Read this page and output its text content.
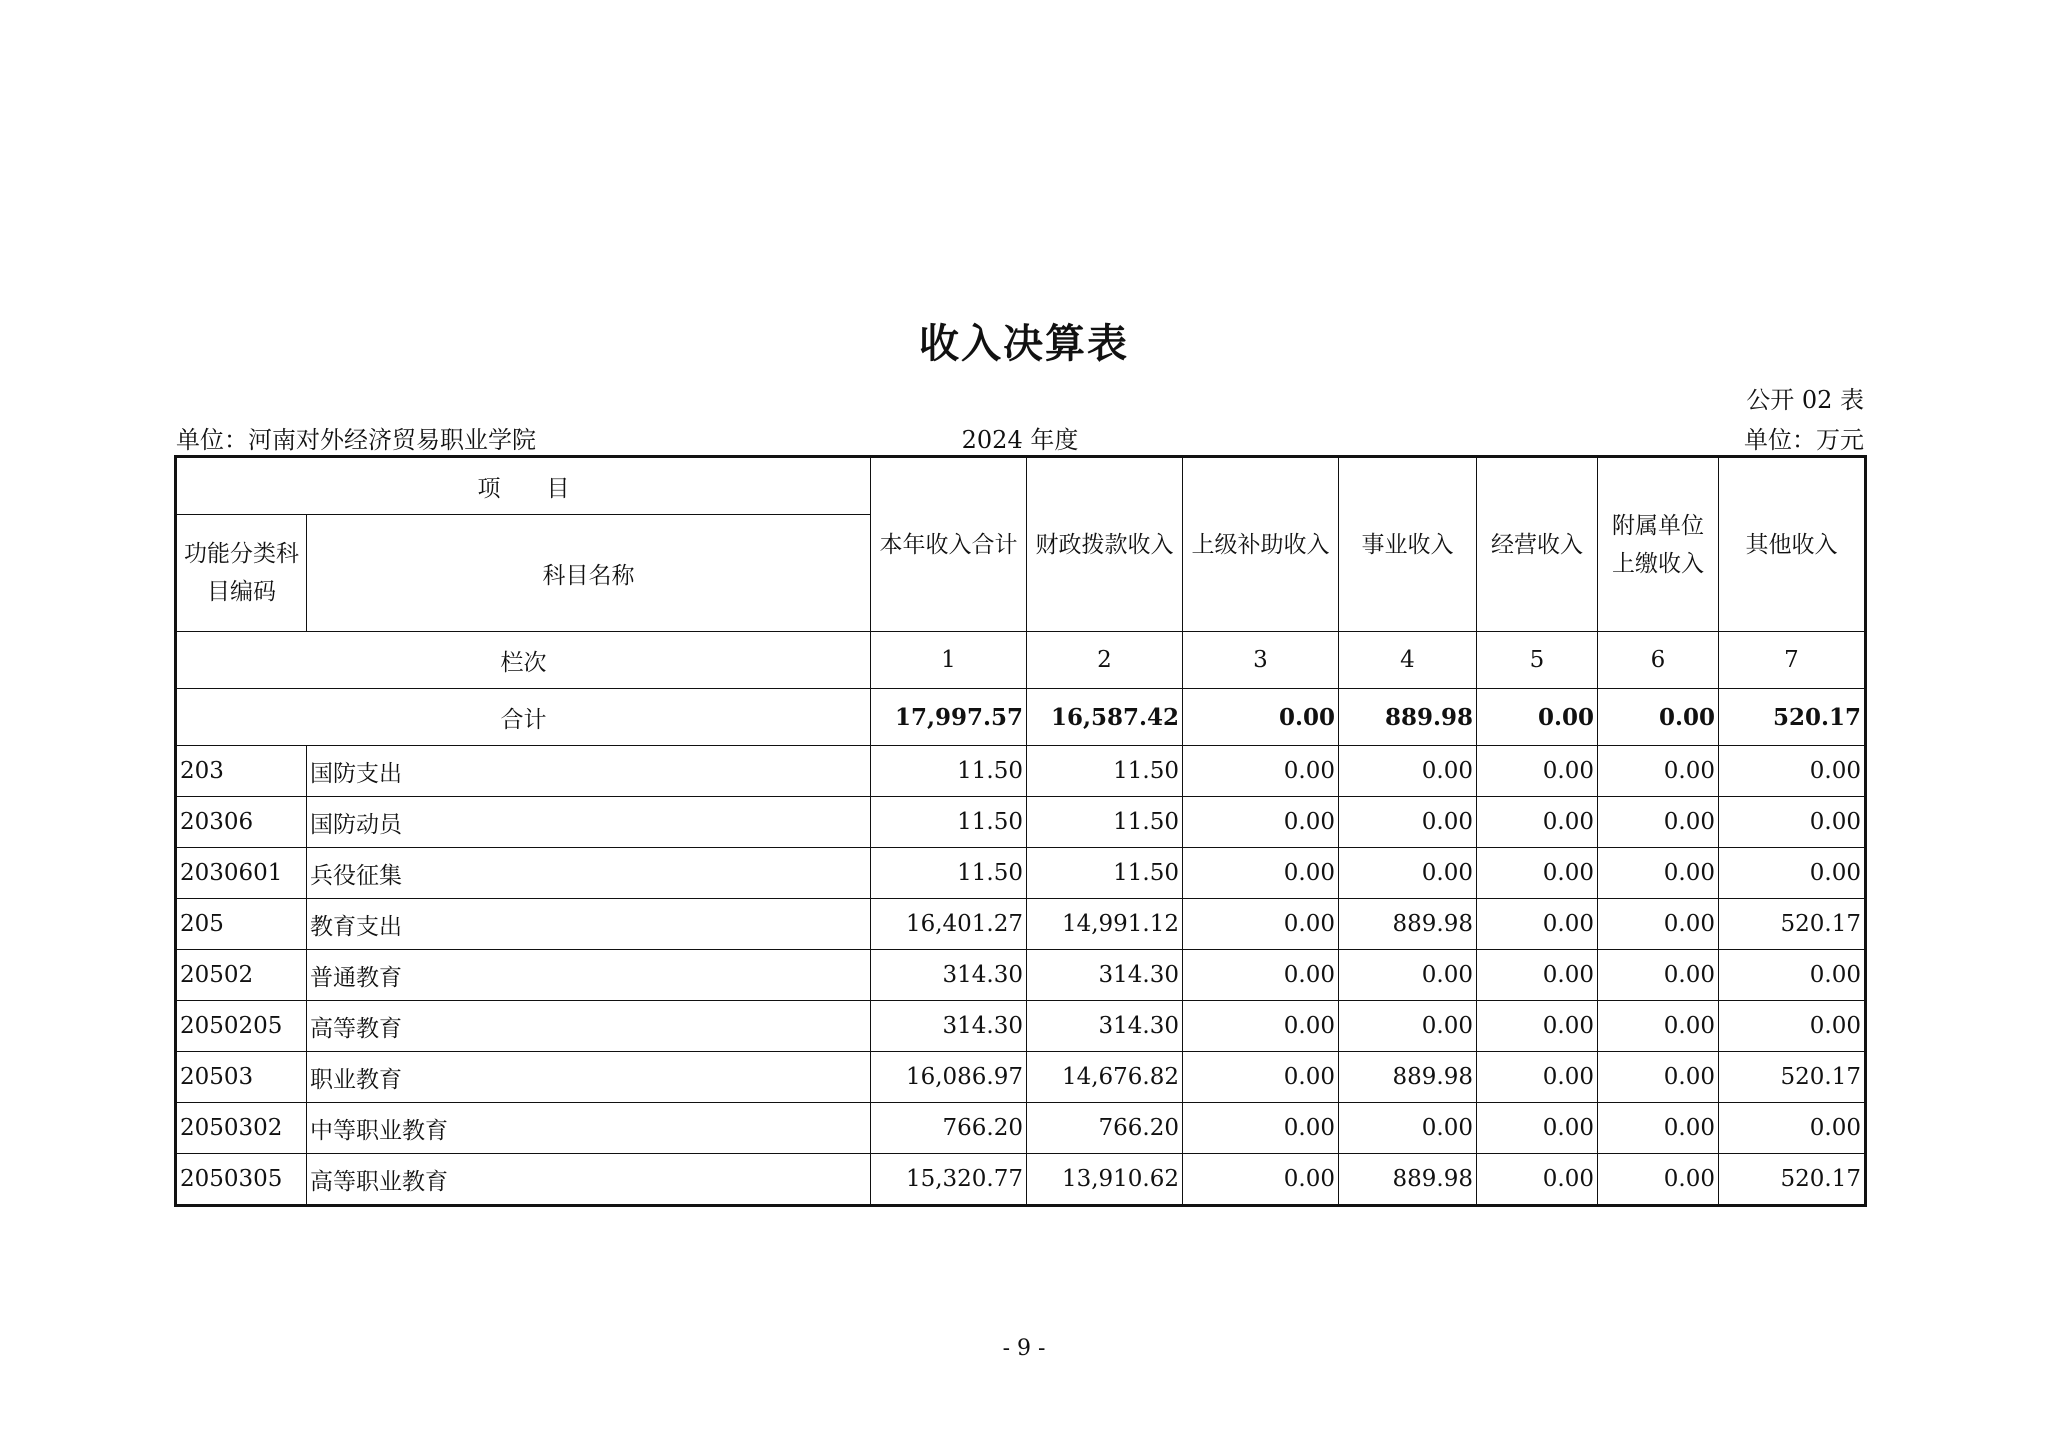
收入决算表
公开 02 表
单位：河南对外经济贸易职业学院	2024 年度	单位：万元
项　　目		本年收入合计	财政拨款收入	上级补助收入	事业收入	经营收入	附属单位上缴收入	其他收入
功能分类科目编码	科目名称							
栏次		1	2	3	4	5	6	7
合计		17,997.57	16,587.42	0.00	889.98	0.00	0.00	520.17
203	国防支出	11.50	11.50	0.00	0.00	0.00	0.00	0.00
20306	国防动员	11.50	11.50	0.00	0.00	0.00	0.00	0.00
2030601	兵役征集	11.50	11.50	0.00	0.00	0.00	0.00	0.00
205	教育支出	16,401.27	14,991.12	0.00	889.98	0.00	0.00	520.17
20502	普通教育	314.30	314.30	0.00	0.00	0.00	0.00	0.00
2050205	高等教育	314.30	314.30	0.00	0.00	0.00	0.00	0.00
20503	职业教育	16,086.97	14,676.82	0.00	889.98	0.00	0.00	520.17
2050302	中等职业教育	766.20	766.20	0.00	0.00	0.00	0.00	0.00
2050305	高等职业教育	15,320.77	13,910.62	0.00	889.98	0.00	0.00	520.17
- 9 -
